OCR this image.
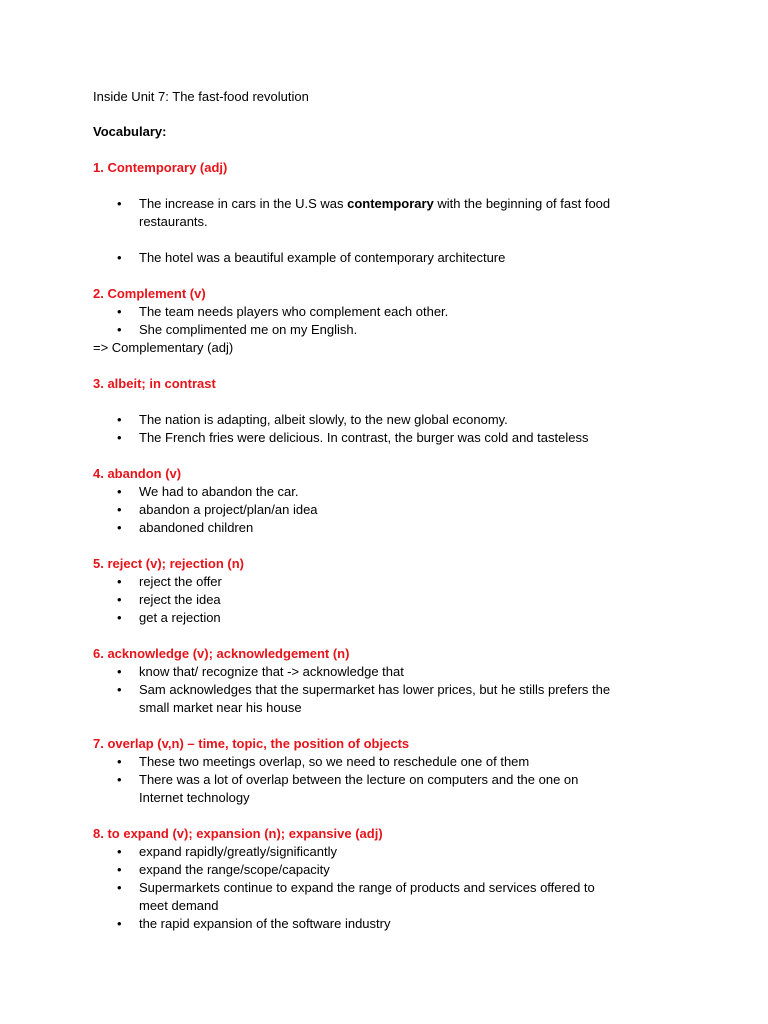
Inside Unit 7: The fast-food revolution
Vocabulary:
1. Contemporary (adj)
• The increase in cars in the U.S was contemporary with the beginning of fast food
restaurants.
• The hotel was a beautiful example of contemporary architecture
2. Complement (v)
• The team needs players who complement each other.
• She complimented me on my English.
=> Complementary (adj)
3. albeit; in contrast
• The nation is adapting, albeit slowly, to the new global economy.
• The French fries were delicious. In contrast, the burger was cold and tasteless
4. abandon (v)
• We had to abandon the car.
• abandon a project/plan/an idea
• abandoned children
5. reject (v); rejection (n)
• reject the offer
• reject the idea
• get a rejection
6. acknowledge (v); acknowledgement (n)
• know that/ recognize that -> acknowledge that
• Sam acknowledges that the supermarket has lower prices, but he stills prefers the
small market near his house
7. overlap (v,n) – time, topic, the position of objects
• These two meetings overlap, so we need to reschedule one of them
• There was a lot of overlap between the lecture on computers and the one on
Internet technology
8. to expand (v); expansion (n); expansive (adj)
• expand rapidly/greatly/significantly
• expand the range/scope/capacity
• Supermarkets continue to expand the range of products and services offered to
meet demand
• the rapid expansion of the software industry
